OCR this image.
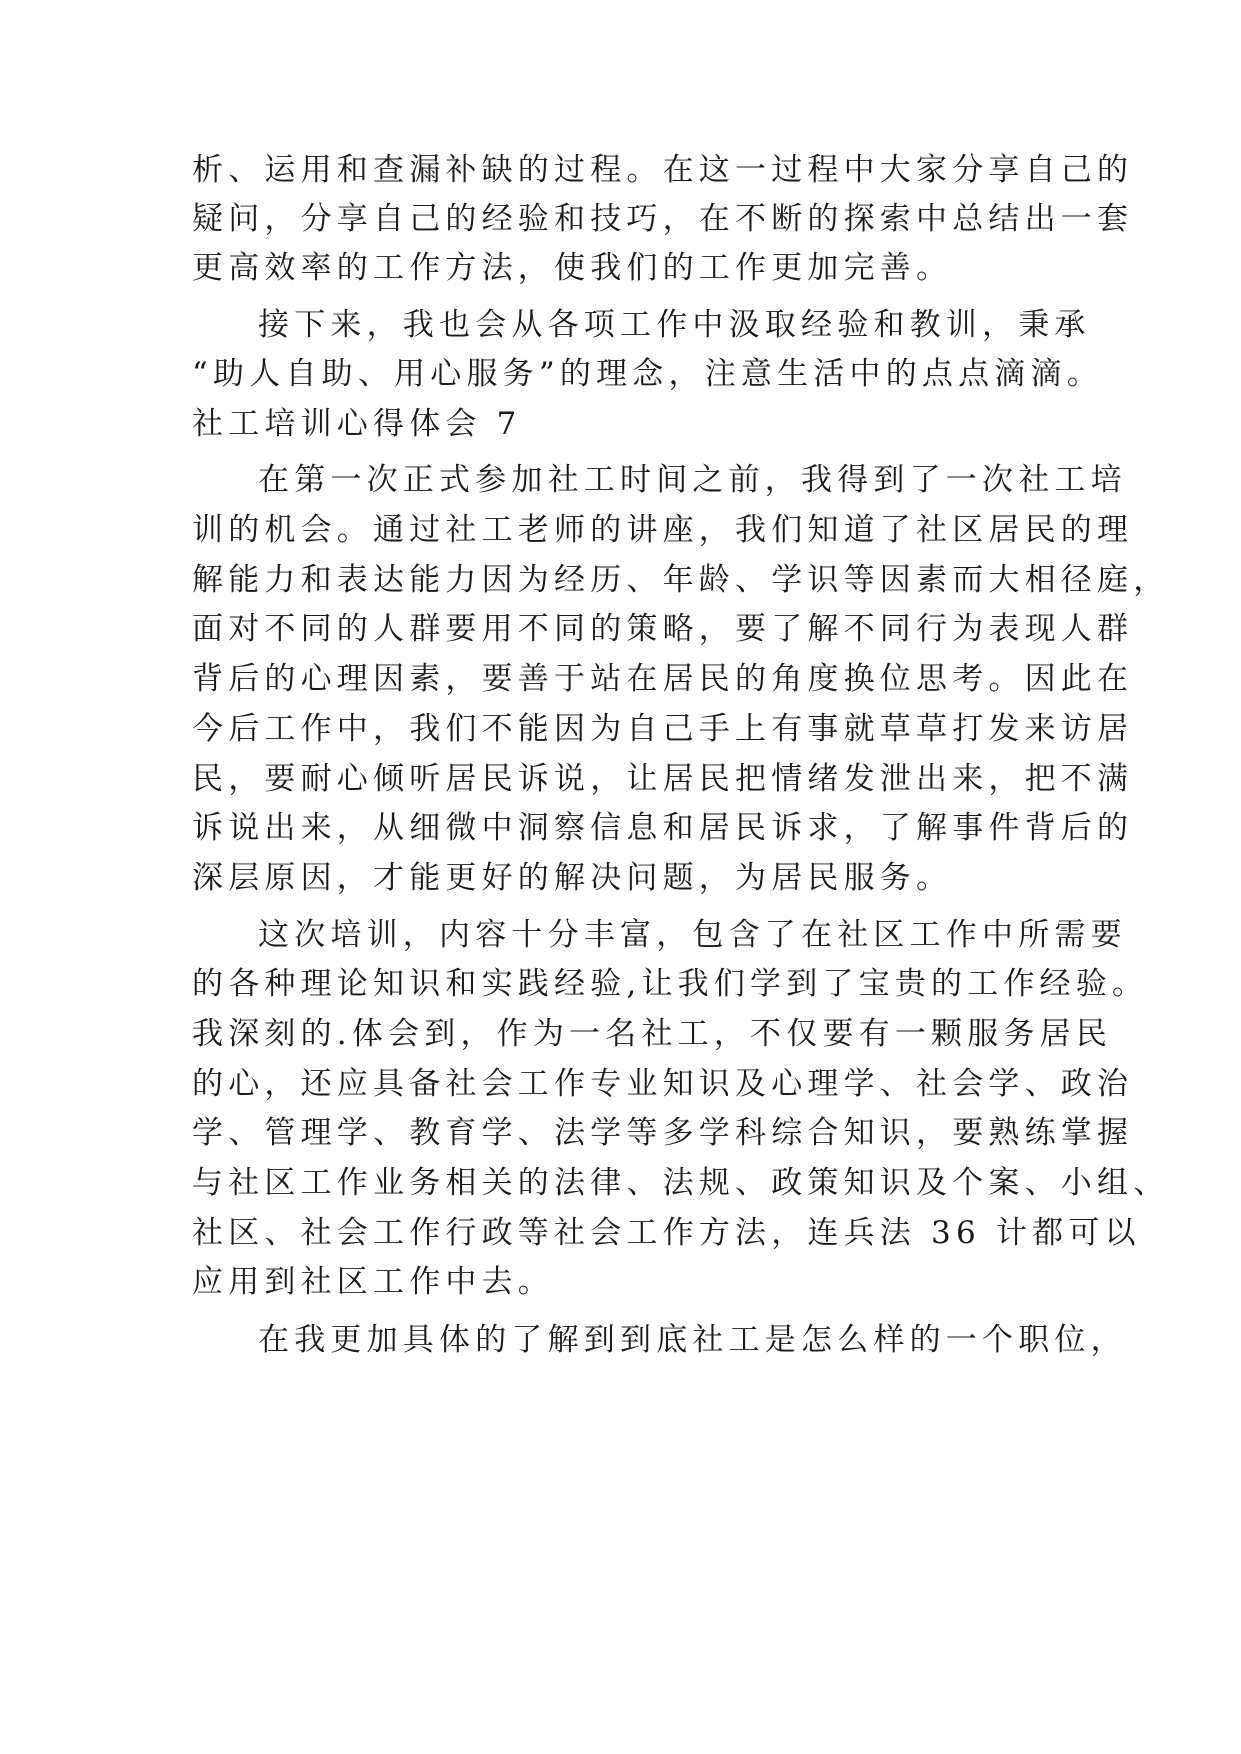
析、运用和查漏补缺的过程。在这一过程中大家分享自己的
疑问，分享自己的经验和技巧，在不断的探索中总结出一套
更高效率的工作方法，使我们的工作更加完善。
接下来，我也会从各项工作中汲取经验和教训，秉承
“助人自助、用心服务”的理念，注意生活中的点点滴滴。
社工培训心得体会 7
在第一次正式参加社工时间之前，我得到了一次社工培
训的机会。通过社工老师的讲座，我们知道了社区居民的理
解能力和表达能力因为经历、年龄、学识等因素而大相径庭，
面对不同的人群要用不同的策略，要了解不同行为表现人群
背后的心理因素，要善于站在居民的角度换位思考。因此在
今后工作中，我们不能因为自己手上有事就草草打发来访居
民，要耐心倾听居民诉说，让居民把情绪发泄出来，把不满
诉说出来，从细微中洞察信息和居民诉求，了解事件背后的
深层原因，才能更好的解决问题，为居民服务。
这次培训，内容十分丰富，包含了在社区工作中所需要
的各种理论知识和实践经验,让我们学到了宝贵的工作经验。
我深刻的.体会到，作为一名社工，不仅要有一颗服务居民
的心，还应具备社会工作专业知识及心理学、社会学、政治
学、管理学、教育学、法学等多学科综合知识，要熟练掌握
与社区工作业务相关的法律、法规、政策知识及个案、小组、
社区、社会工作行政等社会工作方法，连兵法 36 计都可以
应用到社区工作中去。
在我更加具体的了解到到底社工是怎么样的一个职位，
